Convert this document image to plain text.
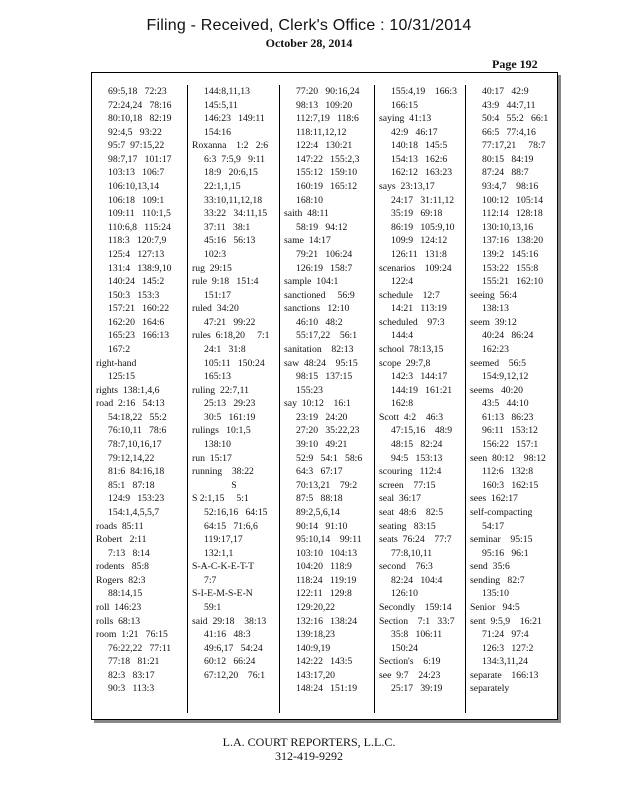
Filing - Received, Clerk's Office : 10/31/2014
October 28, 2014
Page 192
69:5,18   72:23
72:24,24   78:16
80:10,18   82:19
92:4,5   93:22
95:7  97:15,22
98:7,17   101:17
103:13   106:7
106:10,13,14
106:18   109:1
109:11   110:1,5
110:6,8   115:24
118:3   120:7,9
125:4   127:13
131:4   138:9,10
140:24   145:2
150:3   153:3
157:21   160:22
162:20   164:6
165:23   166:13
167:2
right-hand
125:15
rights  138:1,4,6
road  2:16   54:13
54:18,22   55:2
76:10,11   78:6
78:7,10,16,17
79:12,14,22
81:6  84:16,18
85:1   87:18
124:9   153:23
154:1,4,5,5,7
roads  85:11
Robert   2:11
7:13   8:14
rodents   85:8
Rogers  82:3
88:14,15
roll  146:23
rolls  68:13
room  1:21   76:15
76:22,22   77:11
77:18   81:21
82:3   83:17
90:3   113:3
144:8,11,13
145:5,11
146:23   149:11
154:16
Roxanna    1:2   2:6
6:3  7:5,9   9:11
18:9   20:6,15
22:1,1,15
33:10,11,12,18
33:22   34:11,15
37:11   38:1
45:16   56:13
102:3
rug  29:15
rule  9:18   151:4
151:17
ruled  34:20
47:21   99:22
rules  6:18,20     7:1
24:1   31:8
105:11   150:24
165:13
ruling  22:7,11
25:13   29:23
30:5   161:19
rulings   10:1,5
138:10
run  15:17
running    38:22
S
S 2:1,15     5:1
52:16,16   64:15
64:15   71:6,6
119:17,17
132:1,1
S-A-C-K-E-T-T
7:7
S-I-E-M-S-E-N
59:1
said  29:18    38:13
41:16   48:3
49:6,17   54:24
60:12   66:24
67:12,20    76:1
77:20   90:16,24
98:13   109:20
112:7,19   118:6
118:11,12,12
122:4   130:21
147:22   155:2,3
155:12   159:10
160:19   165:12
168:10
saith  48:11
58:19   94:12
same  14:17
79:21   106:24
126:19   158:7
sample  104:1
sanctioned     56:9
sanctions   12:10
46:10   48:2
55:17,22    56:1
sanitation    82:13
saw  48:24    95:15
98:15   137:15
155:23
say  10:12    16:1
23:19   24:20
27:20   35:22,23
39:10   49:21
52:9   54:1   58:6
64:3   67:17
70:13,21    79:2
87:5   88:18
89:2,5,6,14
90:14   91:10
95:10,14    99:11
103:10   104:13
104:20   118:9
118:24   119:19
122:11   129:8
129:20,22
132:16   138:24
139:18,23
140:9,19
142:22   143:5
143:17,20
148:24   151:19
155:4,19    166:3
166:15
saying  41:13
42:9   46:17
140:18   145:5
154:13   162:6
162:12   163:23
says  23:13,17
24:17   31:11,12
35:19   69:18
86:19   105:9,10
109:9   124:12
126:11   131:8
scenarios    109:24
122:4
schedule    12:7
14:21   113:19
scheduled    97:3
144:4
school  78:13,15
scope  29:7,8
142:3   144:17
144:19   161:21
162:8
Scott  4:2    46:3
47:15,16    48:9
48:15   82:24
94:5   153:13
scouring   112:4
screen    77:15
seal  36:17
seat  48:6    82:5
seating   83:15
seats  76:24    77:7
77:8,10,11
second    76:3
82:24   104:4
126:10
Secondly    159:14
Section    7:1   33:7
35:8   106:11
150:24
Section's    6:19
see  9:7    24:23
25:17   39:19
40:17   42:9
43:9   44:7,11
50:4   55:2   66:1
66:5   77:4,16
77:17,21     78:7
80:15   84:19
87:24   88:7
93:4,7    98:16
100:12   105:14
112:14   128:18
130:10,13,16
137:16   138:20
139:2   145:16
153:22   155:8
155:21   162:10
seeing  56:4
138:13
seem  39:12
40:24   86:24
162:23
seemed    56:5
154:9,12,12
seems   40:20
43:5   44:10
61:13   86:23
96:11   153:12
156:22   157:1
seen  80:12    98:12
112:6   132:8
160:3   162:15
sees  162:17
self-compacting
54:17
seminar    95:15
95:16   96:1
send  35:6
sending   82:7
135:10
Senior   94:5
sent  9:5,9    16:21
71:24   97:4
126:3   127:2
134:3,11,24
separate    166:13
separately
L.A. COURT REPORTERS, L.L.C.
312-419-9292
